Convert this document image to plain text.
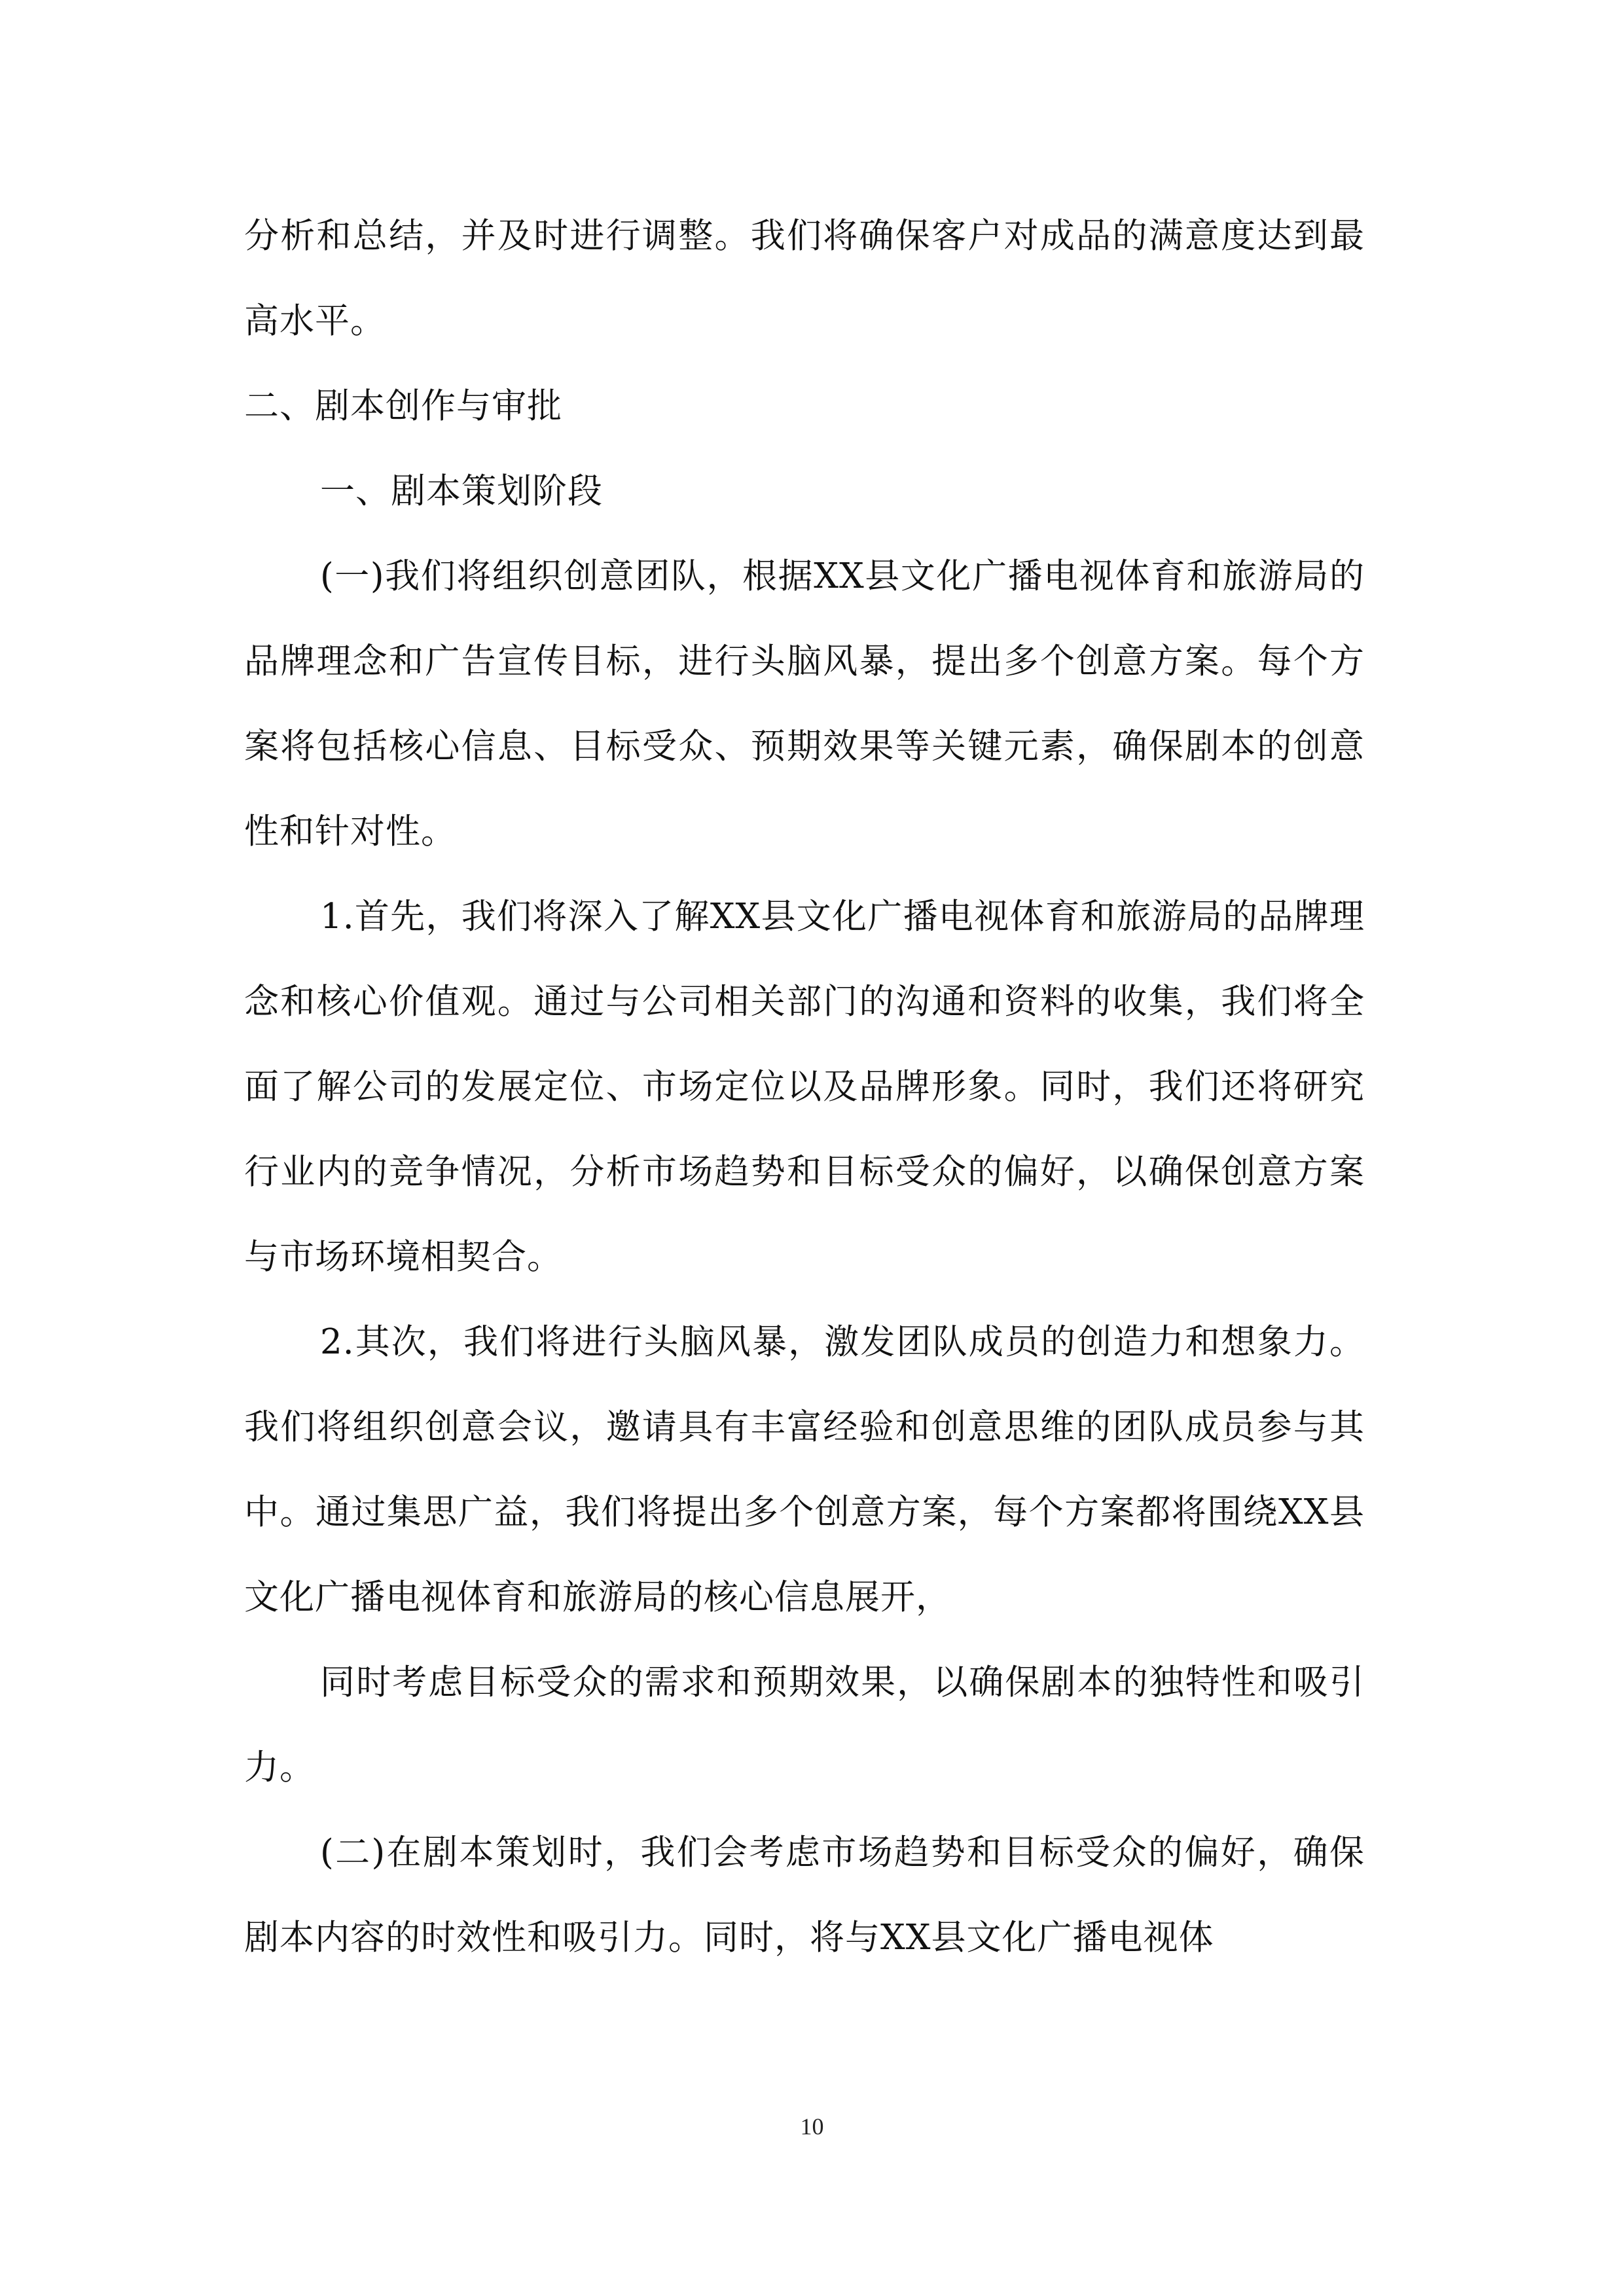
分析和总结，并及时进行调整。我们将确保客户对成品的满意度达到最高水平。

二、剧本创作与审批

一、剧本策划阶段

(一)我们将组织创意团队，根据XX县文化广播电视体育和旅游局的品牌理念和广告宣传目标，进行头脑风暴，提出多个创意方案。每个方案将包括核心信息、目标受众、预期效果等关键元素，确保剧本的创意性和针对性。

1.首先，我们将深入了解XX县文化广播电视体育和旅游局的品牌理念和核心价值观。通过与公司相关部门的沟通和资料的收集，我们将全面了解公司的发展定位、市场定位以及品牌形象。同时，我们还将研究行业内的竞争情况，分析市场趋势和目标受众的偏好，以确保创意方案与市场环境相契合。

2.其次，我们将进行头脑风暴，激发团队成员的创造力和想象力。我们将组织创意会议，邀请具有丰富经验和创意思维的团队成员参与其中。通过集思广益，我们将提出多个创意方案，每个方案都将围绕XX县文化广播电视体育和旅游局的核心信息展开，

同时考虑目标受众的需求和预期效果，以确保剧本的独特性和吸引力。

(二)在剧本策划时，我们会考虑市场趋势和目标受众的偏好，确保剧本内容的时效性和吸引力。同时，将与XX县文化广播电视体

10
